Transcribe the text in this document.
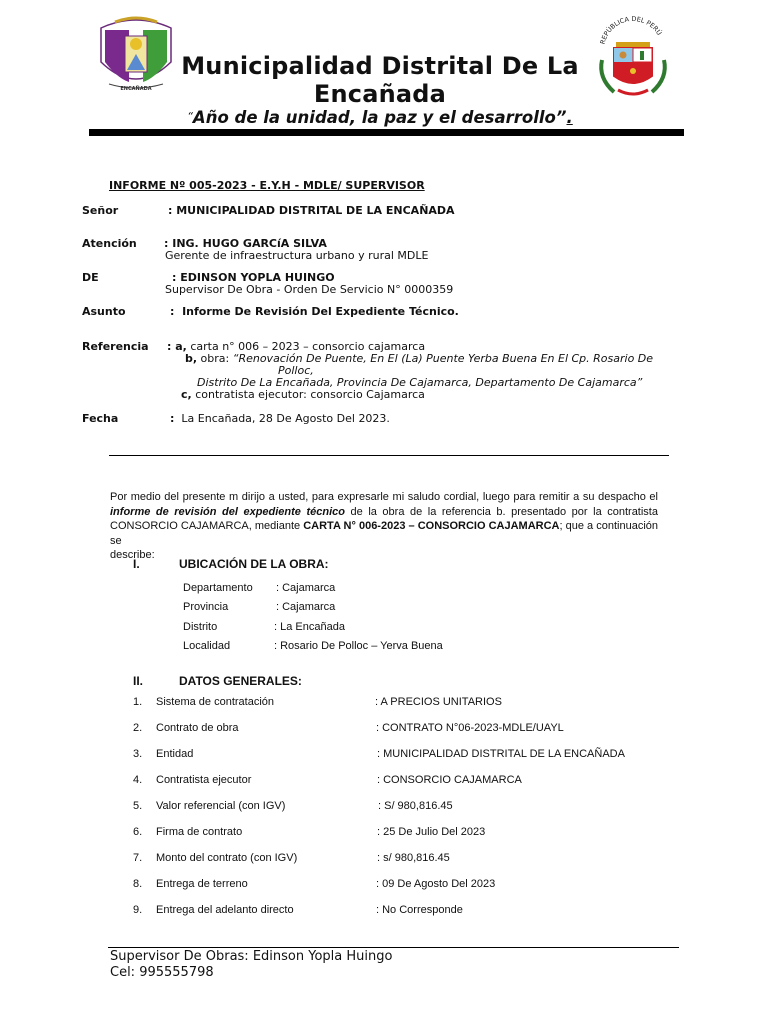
ENCAÑADA
Municipalidad Distrital De La Encañada
“Año de la unidad, la paz y el desarrollo”.
REPÚBLICA DEL PERÚ
INFORME Nº 005-2023 - E.Y.H - MDLE/ SUPERVISOR
Señor	: MUNICIPALIDAD DISTRITAL DE LA ENCAÑADA
Atención : ING. HUGO GARCíA SILVA
Gerente de infraestructura urbano y rural MDLE
DE	: EDINSON YOPLA HUINGO
Supervisor De Obra - Orden De Servicio N° 0000359
Asunto	: Informe De Revisión Del Expediente Técnico.
Referencia : a, carta n° 006 – 2023 – consorcio cajamarca
b, obra: “Renovación De Puente, En El (La) Puente Yerba Buena En El Cp. Rosario De
Polloc,
Distrito De La Encañada, Provincia De Cajamarca, Departamento De Cajamarca”
c, contratista ejecutor: consorcio Cajamarca
Fecha	: La Encañada, 28 De Agosto Del 2023.
Por medio del presente m dirijo a usted, para expresarle mi saludo cordial, luego para remitir a su despacho el
informe de revisión del expediente técnico de la obra de la referencia b. presentado por la contratista
CONSORCIO CAJAMARCA, mediante CARTA N° 006-2023 – CONSORCIO CAJAMARCA; que a continuación se
describe:
I.	UBICACIÓN DE LA OBRA:
Departamento : Cajamarca
Provincia	: Cajamarca
Distrito	: La Encañada
Localidad	: Rosario De Polloc – Yerva Buena
II.	DATOS GENERALES:
1. Sistema de contratación	: A PRECIOS UNITARIOS
2. Contrato de obra	: CONTRATO N°06-2023-MDLE/UAYL
3. Entidad	: MUNICIPALIDAD DISTRITAL DE LA ENCAÑADA
4. Contratista ejecutor	: CONSORCIO CAJAMARCA
5. Valor referencial (con IGV)	: S/ 980,816.45
6. Firma de contrato	: 25 De Julio Del 2023
7. Monto del contrato (con IGV)	: s/ 980,816.45
8. Entrega de terreno	: 09 De Agosto Del 2023
9. Entrega del adelanto directo	: No Corresponde
Supervisor De Obras: Edinson Yopla Huingo
Cel: 995555798
